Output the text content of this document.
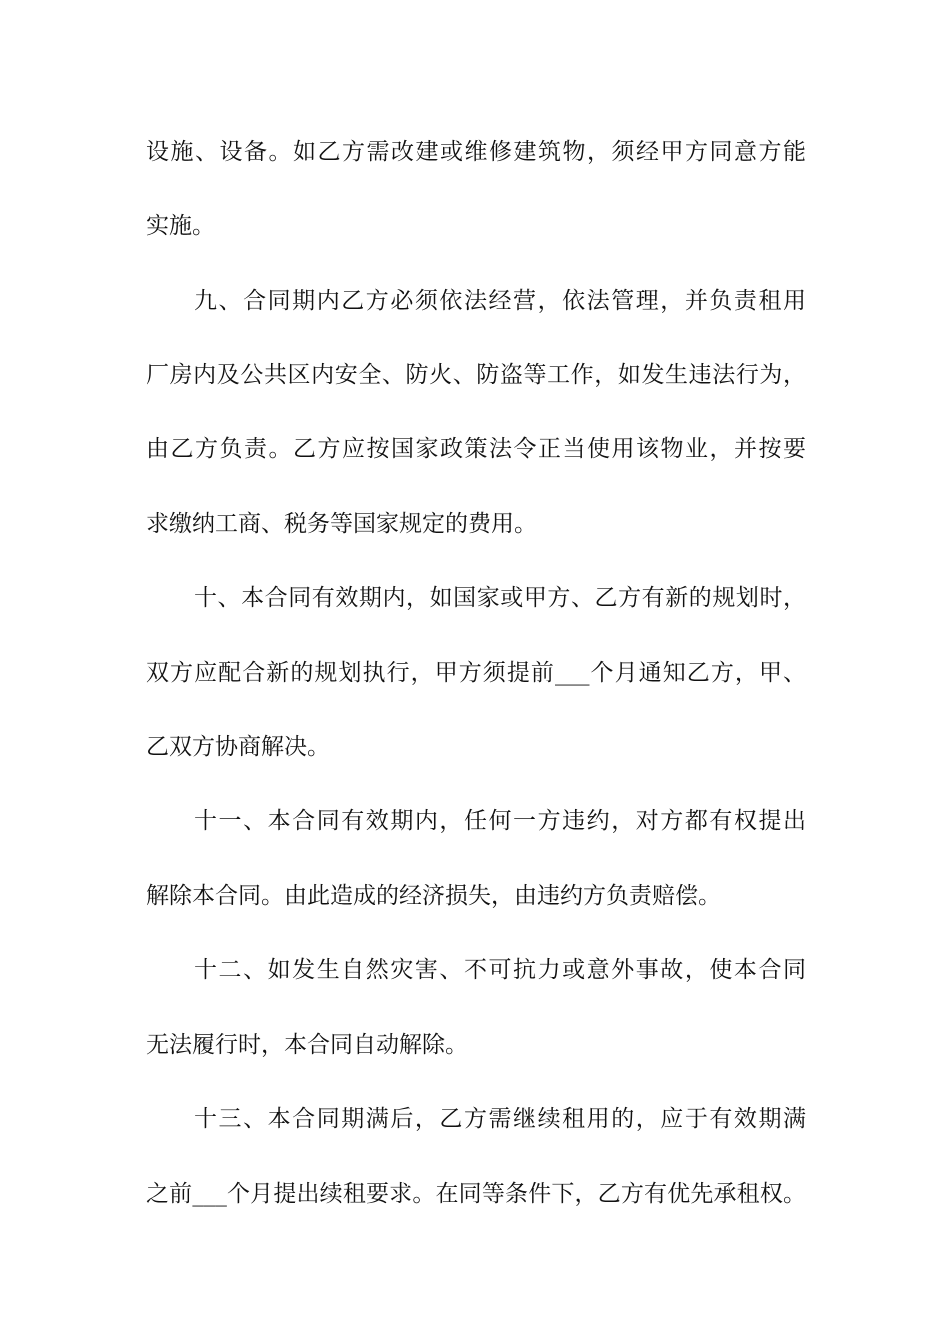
设施、设备。如乙方需改建或维修建筑物，须经甲方同意方能
实施。
九、合同期内乙方必须依法经营，依法管理，并负责租用
厂房内及公共区内安全、防火、防盗等工作，如发生违法行为，
由乙方负责。乙方应按国家政策法令正当使用该物业，并按要
求缴纳工商、税务等国家规定的费用。
十、本合同有效期内，如国家或甲方、乙方有新的规划时，
双方应配合新的规划执行，甲方须提前___个月通知乙方，甲、
乙双方协商解决。
十一、本合同有效期内，任何一方违约，对方都有权提出
解除本合同。由此造成的经济损失，由违约方负责赔偿。
十二、如发生自然灾害、不可抗力或意外事故，使本合同
无法履行时，本合同自动解除。
十三、本合同期满后，乙方需继续租用的，应于有效期满
之前___个月提出续租要求。在同等条件下，乙方有优先承租权。
